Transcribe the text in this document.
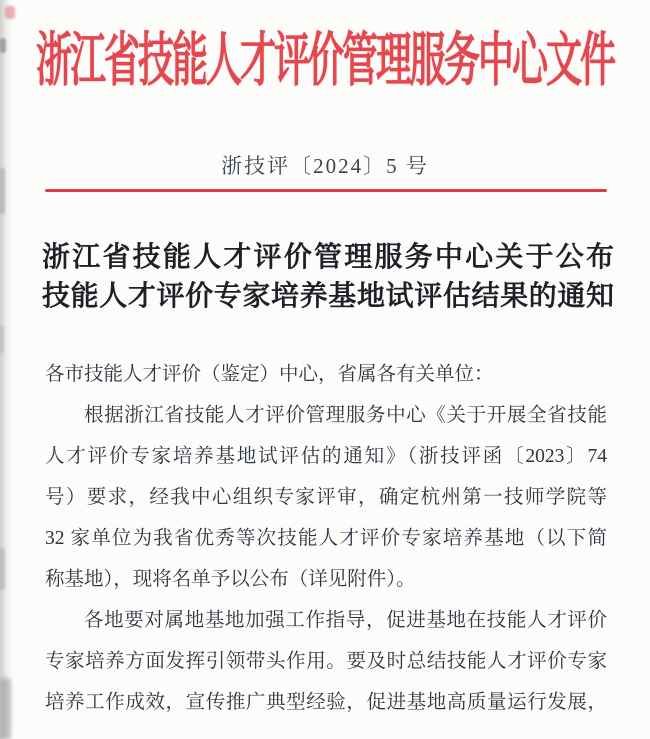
浙江省技能人才评价管理服务中心文件
浙技评〔2024〕5 号
浙江省技能人才评价管理服务中心关于公布
技能人才评价专家培养基地试评估结果的通知
各市技能人才评价（鉴定）中心，省属各有关单位：
根据浙江省技能人才评价管理服务中心《关于开展全省技能
人才评价专家培养基地试评估的通知》（浙技评函〔2023〕74
号）要求，经我中心组织专家评审，确定杭州第一技师学院等
32 家单位为我省优秀等次技能人才评价专家培养基地（以下简
称基地），现将名单予以公布（详见附件）。
各地要对属地基地加强工作指导，促进基地在技能人才评价
专家培养方面发挥引领带头作用。要及时总结技能人才评价专家
培养工作成效，宣传推广典型经验，促进基地高质量运行发展，
